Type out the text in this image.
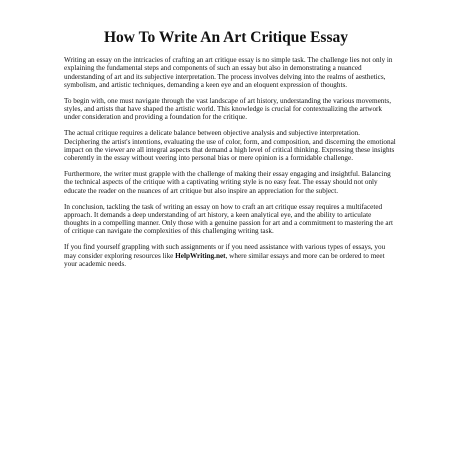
How To Write An Art Critique Essay

Writing an essay on the intricacies of crafting an art critique essay is no simple task. The challenge lies not only in explaining the fundamental steps and components of such an essay but also in demonstrating a nuanced understanding of art and its subjective interpretation. The process involves delving into the realms of aesthetics, symbolism, and artistic techniques, demanding a keen eye and an eloquent expression of thoughts.

To begin with, one must navigate through the vast landscape of art history, understanding the various movements, styles, and artists that have shaped the artistic world. This knowledge is crucial for contextualizing the artwork under consideration and providing a foundation for the critique.

The actual critique requires a delicate balance between objective analysis and subjective interpretation. Deciphering the artist's intentions, evaluating the use of color, form, and composition, and discerning the emotional impact on the viewer are all integral aspects that demand a high level of critical thinking. Expressing these insights coherently in the essay without veering into personal bias or mere opinion is a formidable challenge.

Furthermore, the writer must grapple with the challenge of making their essay engaging and insightful. Balancing the technical aspects of the critique with a captivating writing style is no easy feat. The essay should not only educate the reader on the nuances of art critique but also inspire an appreciation for the subject.

In conclusion, tackling the task of writing an essay on how to craft an art critique essay requires a multifaceted approach. It demands a deep understanding of art history, a keen analytical eye, and the ability to articulate thoughts in a compelling manner. Only those with a genuine passion for art and a commitment to mastering the art of critique can navigate the complexities of this challenging writing task.

If you find yourself grappling with such assignments or if you need assistance with various types of essays, you may consider exploring resources like HelpWriting.net, where similar essays and more can be ordered to meet your academic needs.
